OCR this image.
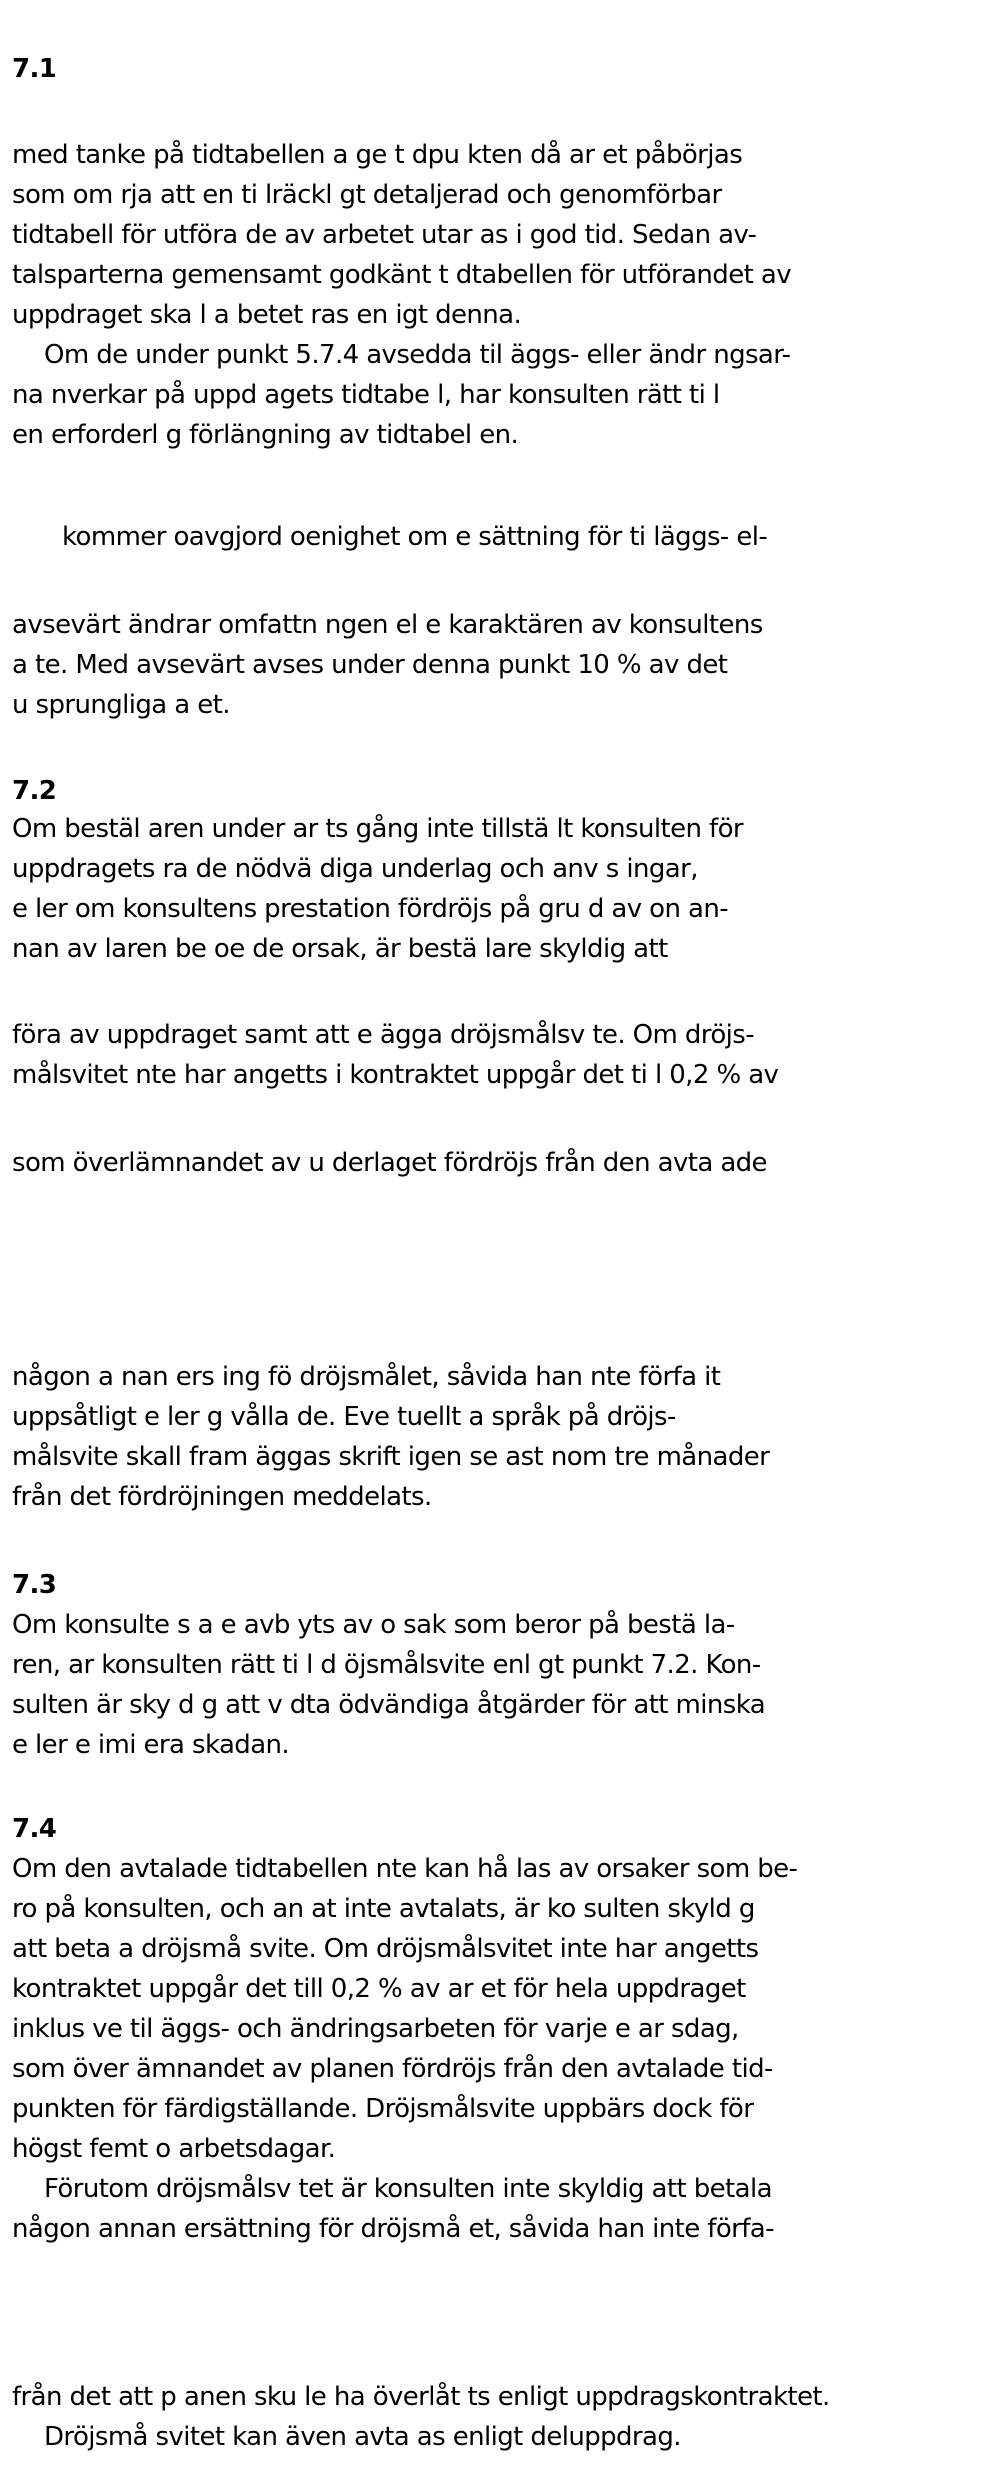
7.1
med tanke på tidtabellen a ge t dpu kten då ar et påbörjas
som om rja att en ti lräckl gt detaljerad och genomförbar
tidtabell för utföra de av arbetet utar as i god tid. Sedan av-
talsparterna gemensamt godkänt t dtabellen för utförandet av
uppdraget ska l a betet ras en igt denna.
Om de under punkt 5.7.4 avsedda til äggs- eller ändr ngsar-
na nverkar på uppd agets tidtabe l, har konsulten rätt ti l
en erforderl g förlängning av tidtabel en.
kommer oavgjord oenighet om e sättning för ti läggs- el-
avsevärt ändrar omfattn ngen el e karaktären av konsultens
a te. Med avsevärt avses under denna punkt 10 % av det
u sprungliga a et.
7.2
Om bestäl aren under ar ts gång inte tillstä lt konsulten för
uppdragets ra de nödvä diga underlag och anv s ingar,
e ler om konsultens prestation fördröjs på gru d av on an-
nan av laren be oe de orsak, är bestä lare skyldig att
föra av uppdraget samt att e ägga dröjsmålsv te. Om dröjs-
målsvitet nte har angetts i kontraktet uppgår det ti l 0,2 % av
som överlämnandet av u derlaget fördröjs från den avta ade
någon a nan ers ing fö dröjsmålet, såvida han nte förfa it
uppsåtligt e ler g vålla de. Eve tuellt a språk på dröjs-
målsvite skall fram äggas skrift igen se ast nom tre månader
från det fördröjningen meddelats.
7.3
Om konsulte s a e avb yts av o sak som beror på bestä la-
ren, ar konsulten rätt ti l d öjsmålsvite enl gt punkt 7.2. Kon-
sulten är sky d g att v dta ödvändiga åtgärder för att minska
e ler e imi era skadan.
7.4
Om den avtalade tidtabellen nte kan hå las av orsaker som be-
ro på konsulten, och an at inte avtalats, är ko sulten skyld g
att beta a dröjsmå svite. Om dröjsmålsvitet inte har angetts
kontraktet uppgår det till 0,2 % av ar et för hela uppdraget
inklus ve til äggs- och ändringsarbeten för varje e ar sdag,
som över ämnandet av planen fördröjs från den avtalade tid-
punkten för färdigställande. Dröjsmålsvite uppbärs dock för
högst femt o arbetsdagar.
Förutom dröjsmålsv tet är konsulten inte skyldig att betala
någon annan ersättning för dröjsmå et, såvida han inte förfa-
från det att p anen sku le ha överlåt ts enligt uppdragskontraktet.
Dröjsmå svitet kan även avta as enligt deluppdrag.
